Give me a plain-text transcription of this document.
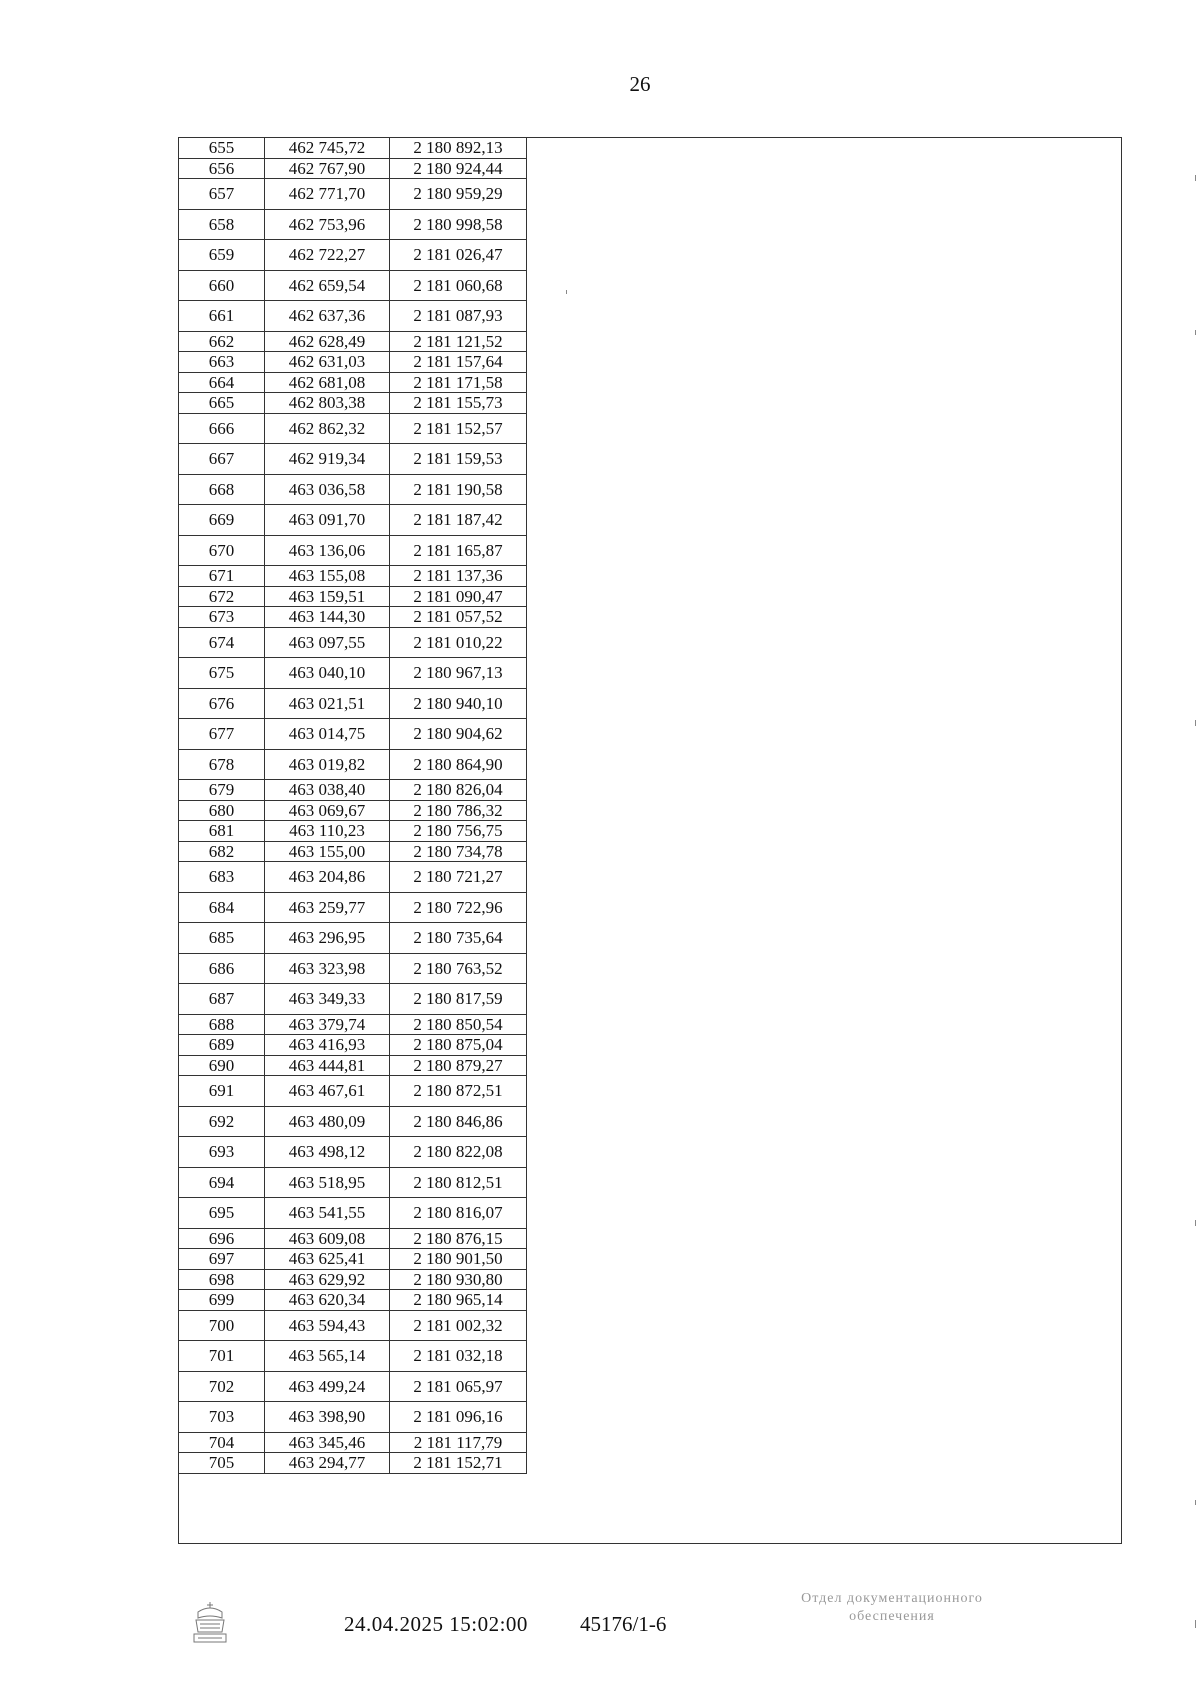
26
655	462 745,72	2 180 892,13
656	462 767,90	2 180 924,44
657	462 771,70	2 180 959,29
658	462 753,96	2 180 998,58
659	462 722,27	2 181 026,47
660	462 659,54	2 181 060,68
661	462 637,36	2 181 087,93
662	462 628,49	2 181 121,52
663	462 631,03	2 181 157,64
664	462 681,08	2 181 171,58
665	462 803,38	2 181 155,73
666	462 862,32	2 181 152,57
667	462 919,34	2 181 159,53
668	463 036,58	2 181 190,58
669	463 091,70	2 181 187,42
670	463 136,06	2 181 165,87
671	463 155,08	2 181 137,36
672	463 159,51	2 181 090,47
673	463 144,30	2 181 057,52
674	463 097,55	2 181 010,22
675	463 040,10	2 180 967,13
676	463 021,51	2 180 940,10
677	463 014,75	2 180 904,62
678	463 019,82	2 180 864,90
679	463 038,40	2 180 826,04
680	463 069,67	2 180 786,32
681	463 110,23	2 180 756,75
682	463 155,00	2 180 734,78
683	463 204,86	2 180 721,27
684	463 259,77	2 180 722,96
685	463 296,95	2 180 735,64
686	463 323,98	2 180 763,52
687	463 349,33	2 180 817,59
688	463 379,74	2 180 850,54
689	463 416,93	2 180 875,04
690	463 444,81	2 180 879,27
691	463 467,61	2 180 872,51
692	463 480,09	2 180 846,86
693	463 498,12	2 180 822,08
694	463 518,95	2 180 812,51
695	463 541,55	2 180 816,07
696	463 609,08	2 180 876,15
697	463 625,41	2 180 901,50
698	463 629,92	2 180 930,80
699	463 620,34	2 180 965,14
700	463 594,43	2 181 002,32
701	463 565,14	2 181 032,18
702	463 499,24	2 181 065,97
703	463 398,90	2 181 096,16
704	463 345,46	2 181 117,79
705	463 294,77	2 181 152,71
24.04.2025 15:02:00 45176/1-6
Отдел документационного
обеспечения
